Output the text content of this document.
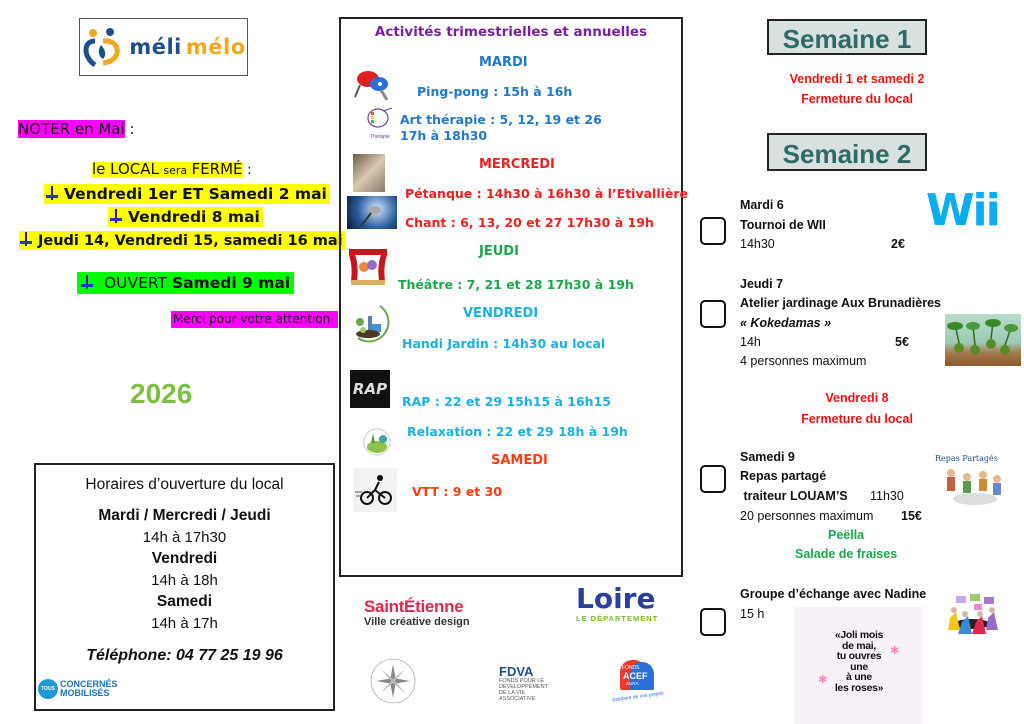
méli mélo
NOTER en Mai :
le LOCAL sera FERMÉ :
Vendredi 1er ET Samedi 2 mai
Vendredi 8 mai
Jeudi 14, Vendredi 15, samedi 16 mai
OUVERT Samedi 9 mai
Merci pour votre attention
2026
Horaires d’ouverture du local
Mardi / Mercredi / Jeudi
14h à 17h30
Vendredi
14h à 18h
Samedi
14h à 17h
Téléphone: 04 77 25 19 96
TOUS CONCERNÉS
MOBILISÉS
Activités trimestrielles et annuelles
MARDI
Ping-pong : 15h à 16h
Thérapie
Art thérapie : 5, 12, 19 et 26
17h à 18h30
MERCREDI
Pétanque : 14h30 à 16h30 à l’Etivallière
Chant : 6, 13, 20 et 27 17h30 à 19h
JEUDI
Théâtre : 7, 21 et 28 17h30 à 19h
VENDREDI
Handi Jardin : 14h30 au local
RAP
RAP : 22 et 29 15h15 à 16h15
Relaxation : 22 et 29 18h à 19h
SAMEDI
VTT : 9 et 30
SaintÉtienne
Ville créative design
Loire
LE DÉPARTEMENT
FDVA
FONDS POUR LE
DÉVELOPPEMENT
DE LA VIE
ASSOCIATIVE
FONDS
ACEF
AURA
Solidaire de vos projets
Semaine 1
Vendredi 1 et samedi 2
Fermeture du local
Semaine 2
Wii
Mardi 6
Tournoi de WII
14h30	2€
Jeudi 7
Atelier jardinage Aux Brunadières
« Kokedamas »
14h	5€
4 personnes maximum
Vendredi 8
Fermeture du local
Samedi 9
Repas partagé
traiteur LOUAM’S 11h30
20 personnes maximum 15€
Peëlla
Salade de fraises
Repas Partagés
Groupe d’échange avec Nadine
15 h
«Joli mois
de mai,
tu ouvres
une
à une
les roses»
✱
✱
